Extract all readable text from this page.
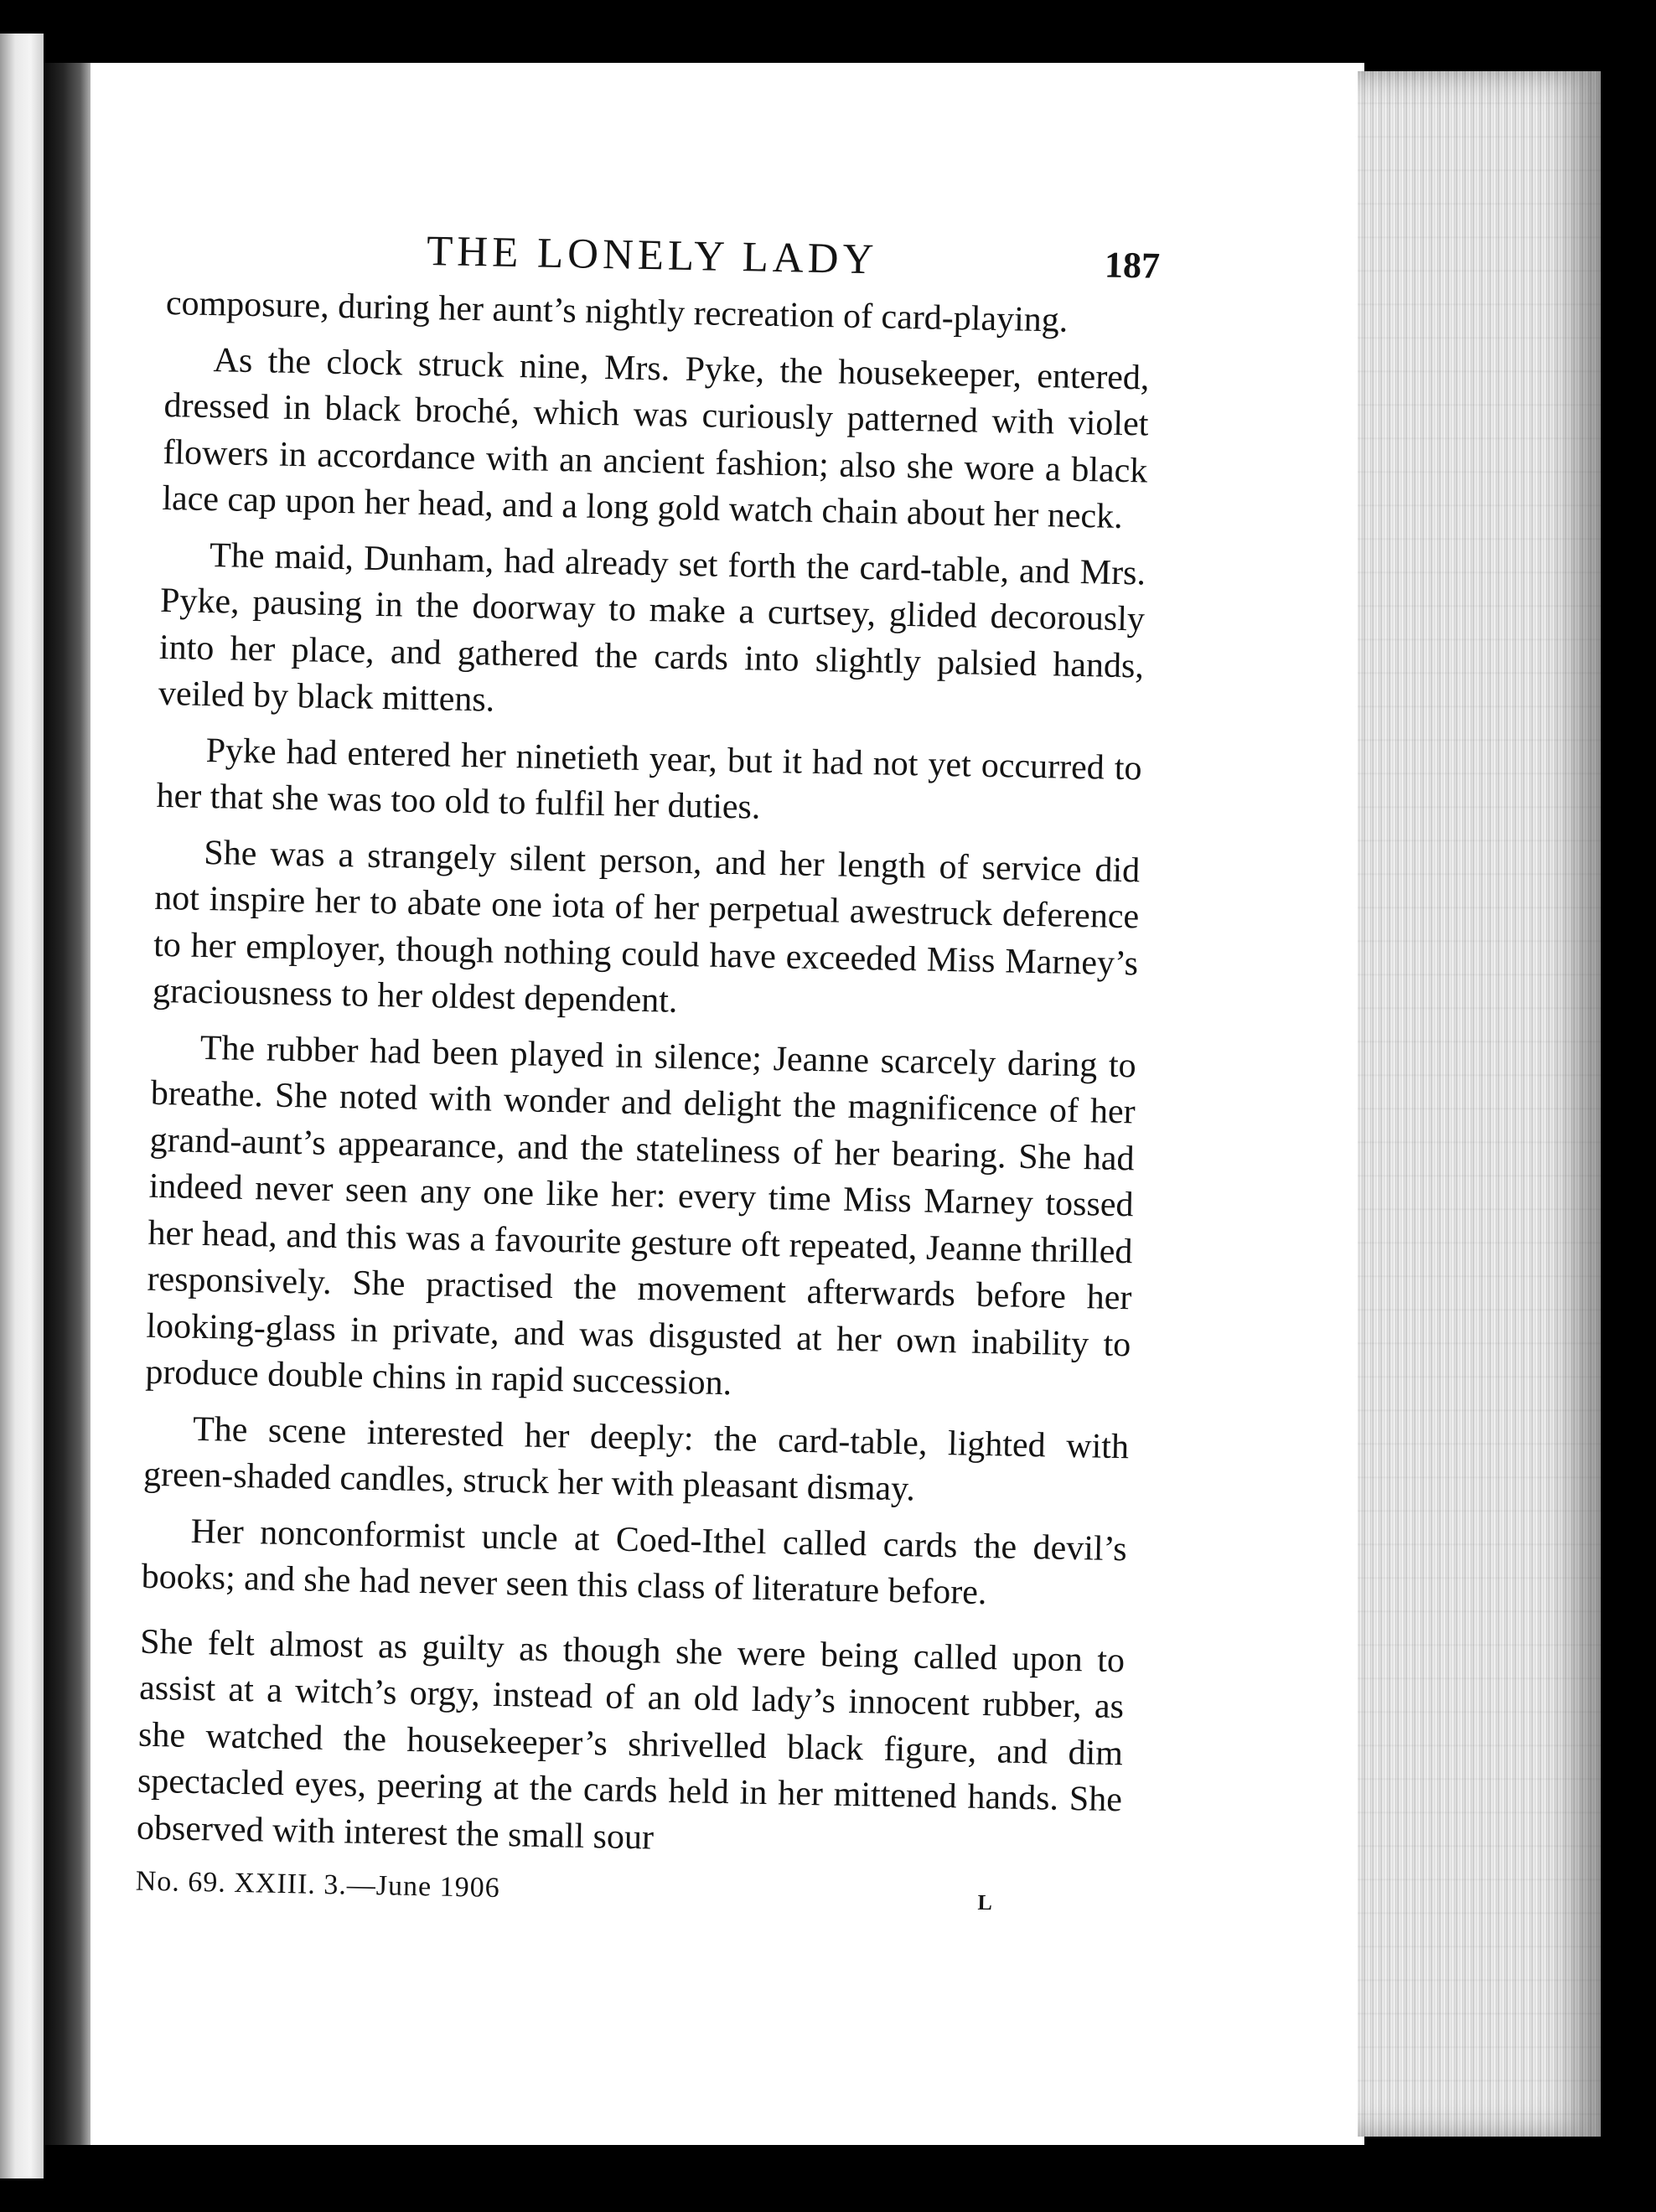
THE LONELY LADY	187

composure, during her aunt’s nightly recreation of card-playing.

As the clock struck nine, Mrs. Pyke, the housekeeper, entered, dressed in black broché, which was curiously patterned with violet flowers in accordance with an ancient fashion; also she wore a black lace cap upon her head, and a long gold watch chain about her neck.

The maid, Dunham, had already set forth the card-table, and Mrs. Pyke, pausing in the doorway to make a curtsey, glided decorously into her place, and gathered the cards into slightly palsied hands, veiled by black mittens.

Pyke had entered her ninetieth year, but it had not yet occurred to her that she was too old to fulfil her duties.

She was a strangely silent person, and her length of service did not inspire her to abate one iota of her perpetual awestruck deference to her employer, though nothing could have exceeded Miss Marney’s graciousness to her oldest dependent.

The rubber had been played in silence; Jeanne scarcely daring to breathe. She noted with wonder and delight the magnificence of her grand-aunt’s appearance, and the stateliness of her bearing. She had indeed never seen any one like her: every time Miss Marney tossed her head, and this was a favourite gesture oft repeated, Jeanne thrilled responsively. She practised the movement afterwards before her looking-glass in private, and was disgusted at her own inability to produce double chins in rapid succession.

The scene interested her deeply: the card-table, lighted with green-shaded candles, struck her with pleasant dismay.

Her nonconformist uncle at Coed-Ithel called cards the devil’s books; and she had never seen this class of literature before.

She felt almost as guilty as though she were being called upon to assist at a witch’s orgy, instead of an old lady’s innocent rubber, as she watched the housekeeper’s shrivelled black figure, and dim spectacled eyes, peering at the cards held in her mittened hands. She observed with interest the small sour

No. 69. XXIII. 3.—June 1906	L
